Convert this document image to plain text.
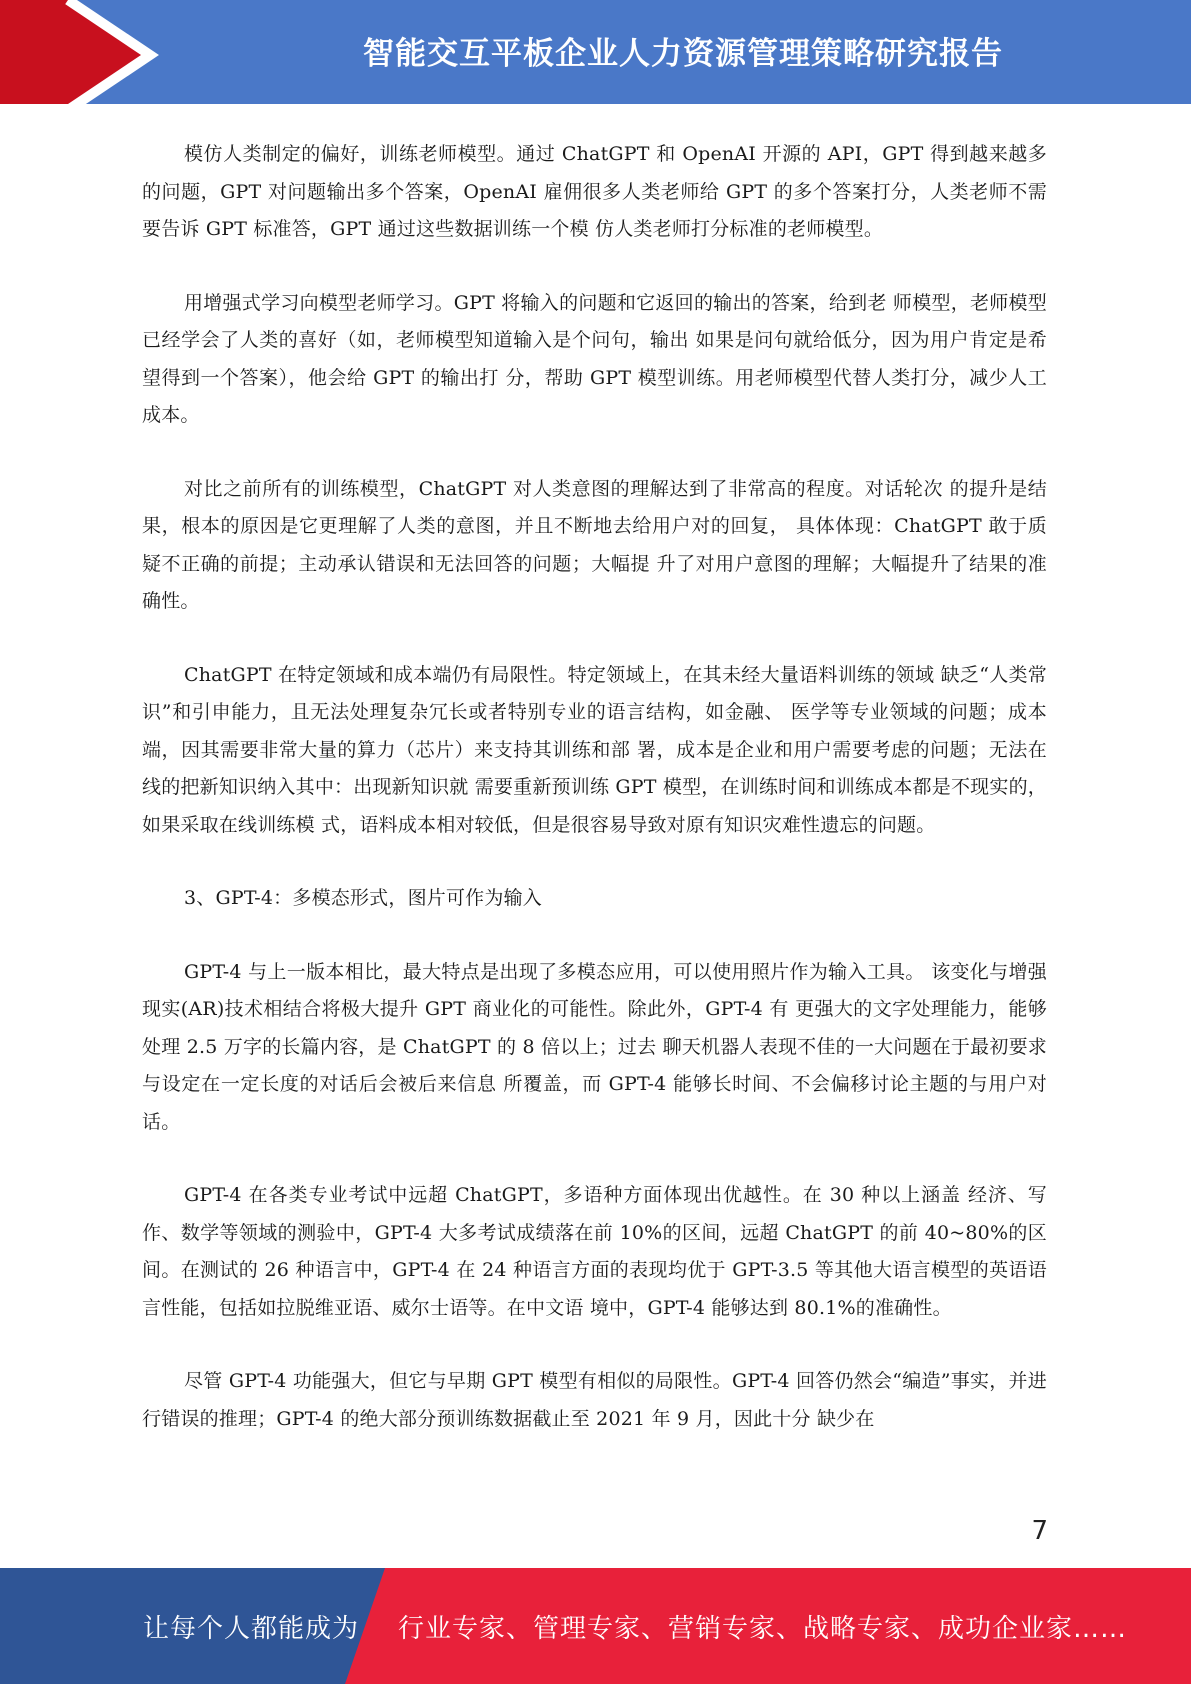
智能交互平板企业人力资源管理策略研究报告

模仿人类制定的偏好，训练老师模型。通过 ChatGPT 和 OpenAI 开源的 API，GPT 得到越来越多的问题，GPT 对问题输出多个答案，OpenAI 雇佣很多人类老师给 GPT 的多个答案打分，人类老师不需要告诉 GPT 标准答，GPT 通过这些数据训练一个模 仿人类老师打分标准的老师模型。

用增强式学习向模型老师学习。GPT 将输入的问题和它返回的输出的答案，给到老 师模型，老师模型已经学会了人类的喜好（如，老师模型知道输入是个问句，输出 如果是问句就给低分，因为用户肯定是希望得到一个答案），他会给 GPT 的输出打 分，帮助 GPT 模型训练。用老师模型代替人类打分，减少人工成本。

对比之前所有的训练模型，ChatGPT 对人类意图的理解达到了非常高的程度。对话轮次 的提升是结果，根本的原因是它更理解了人类的意图，并且不断地去给用户对的回复， 具体体现：ChatGPT 敢于质疑不正确的前提；主动承认错误和无法回答的问题；大幅提 升了对用户意图的理解；大幅提升了结果的准确性。

ChatGPT 在特定领域和成本端仍有局限性。特定领域上，在其未经大量语料训练的领域 缺乏“人类常识”和引申能力，且无法处理复杂冗长或者特别专业的语言结构，如金融、 医学等专业领域的问题；成本端，因其需要非常大量的算力（芯片）来支持其训练和部 署，成本是企业和用户需要考虑的问题；无法在线的把新知识纳入其中：出现新知识就 需要重新预训练 GPT 模型，在训练时间和训练成本都是不现实的，如果采取在线训练模 式，语料成本相对较低，但是很容易导致对原有知识灾难性遗忘的问题。

3、GPT-4：多模态形式，图片可作为输入

GPT-4 与上一版本相比，最大特点是出现了多模态应用，可以使用照片作为输入工具。 该变化与增强现实(AR)技术相结合将极大提升 GPT 商业化的可能性。除此外，GPT-4 有 更强大的文字处理能力，能够处理 2.5 万字的长篇内容，是 ChatGPT 的 8 倍以上；过去 聊天机器人表现不佳的一大问题在于最初要求与设定在一定长度的对话后会被后来信息 所覆盖，而 GPT-4 能够长时间、不会偏移讨论主题的与用户对话。

GPT-4 在各类专业考试中远超 ChatGPT，多语种方面体现出优越性。在 30 种以上涵盖 经济、写作、数学等领域的测验中，GPT-4 大多考试成绩落在前 10%的区间，远超 ChatGPT 的前 40~80%的区间。在测试的 26 种语言中，GPT-4 在 24 种语言方面的表现均优于 GPT-3.5 等其他大语言模型的英语语言性能，包括如拉脱维亚语、威尔士语等。在中文语 境中，GPT-4 能够达到 80.1%的准确性。

尽管 GPT-4 功能强大，但它与早期 GPT 模型有相似的局限性。GPT-4 回答仍然会“编造”事实，并进行错误的推理；GPT-4 的绝大部分预训练数据截止至 2021 年 9 月，因此十分 缺少在

7
让每个人都能成为 行业专家、管理专家、营销专家、战略专家、成功企业家……
